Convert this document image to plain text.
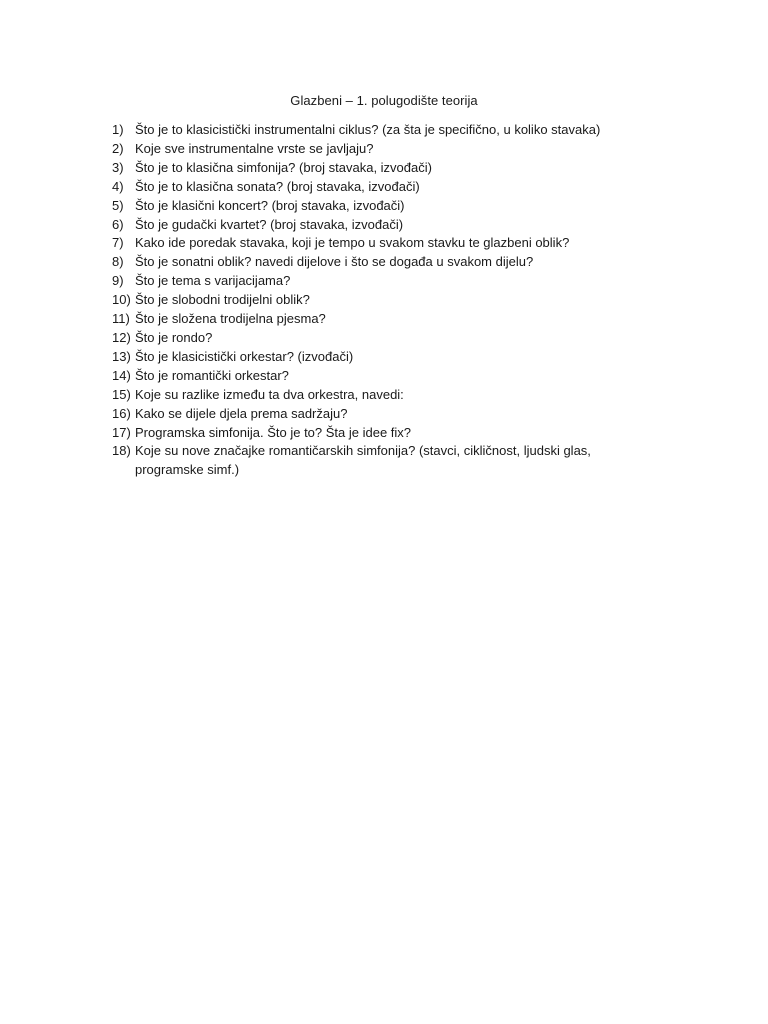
Glazbeni – 1. polugodište teorija
1) Što je to klasicistički instrumentalni ciklus? (za šta je specifično, u koliko stavaka)
2) Koje sve instrumentalne vrste se javljaju?
3) Što je to klasična simfonija? (broj stavaka, izvođači)
4) Što je to klasična sonata? (broj stavaka, izvođači)
5) Što je klasični koncert? (broj stavaka, izvođači)
6) Što je gudački kvartet? (broj stavaka, izvođači)
7) Kako ide poredak stavaka, koji je tempo u svakom stavku te glazbeni oblik?
8) Što je sonatni oblik? navedi dijelove i što se događa u svakom dijelu?
9) Što je tema s varijacijama?
10) Što je slobodni trodijelni oblik?
11) Što je složena trodijelna pjesma?
12) Što je rondo?
13) Što je klasicistički orkestar? (izvođači)
14) Što je romantički orkestar?
15) Koje su razlike između ta dva orkestra, navedi:
16) Kako se dijele djela prema sadržaju?
17) Programska simfonija. Što je to? Šta je idee fix?
18) Koje su nove značajke romantičarskih simfonija? (stavci, cikličnost, ljudski glas, programske simf.)
